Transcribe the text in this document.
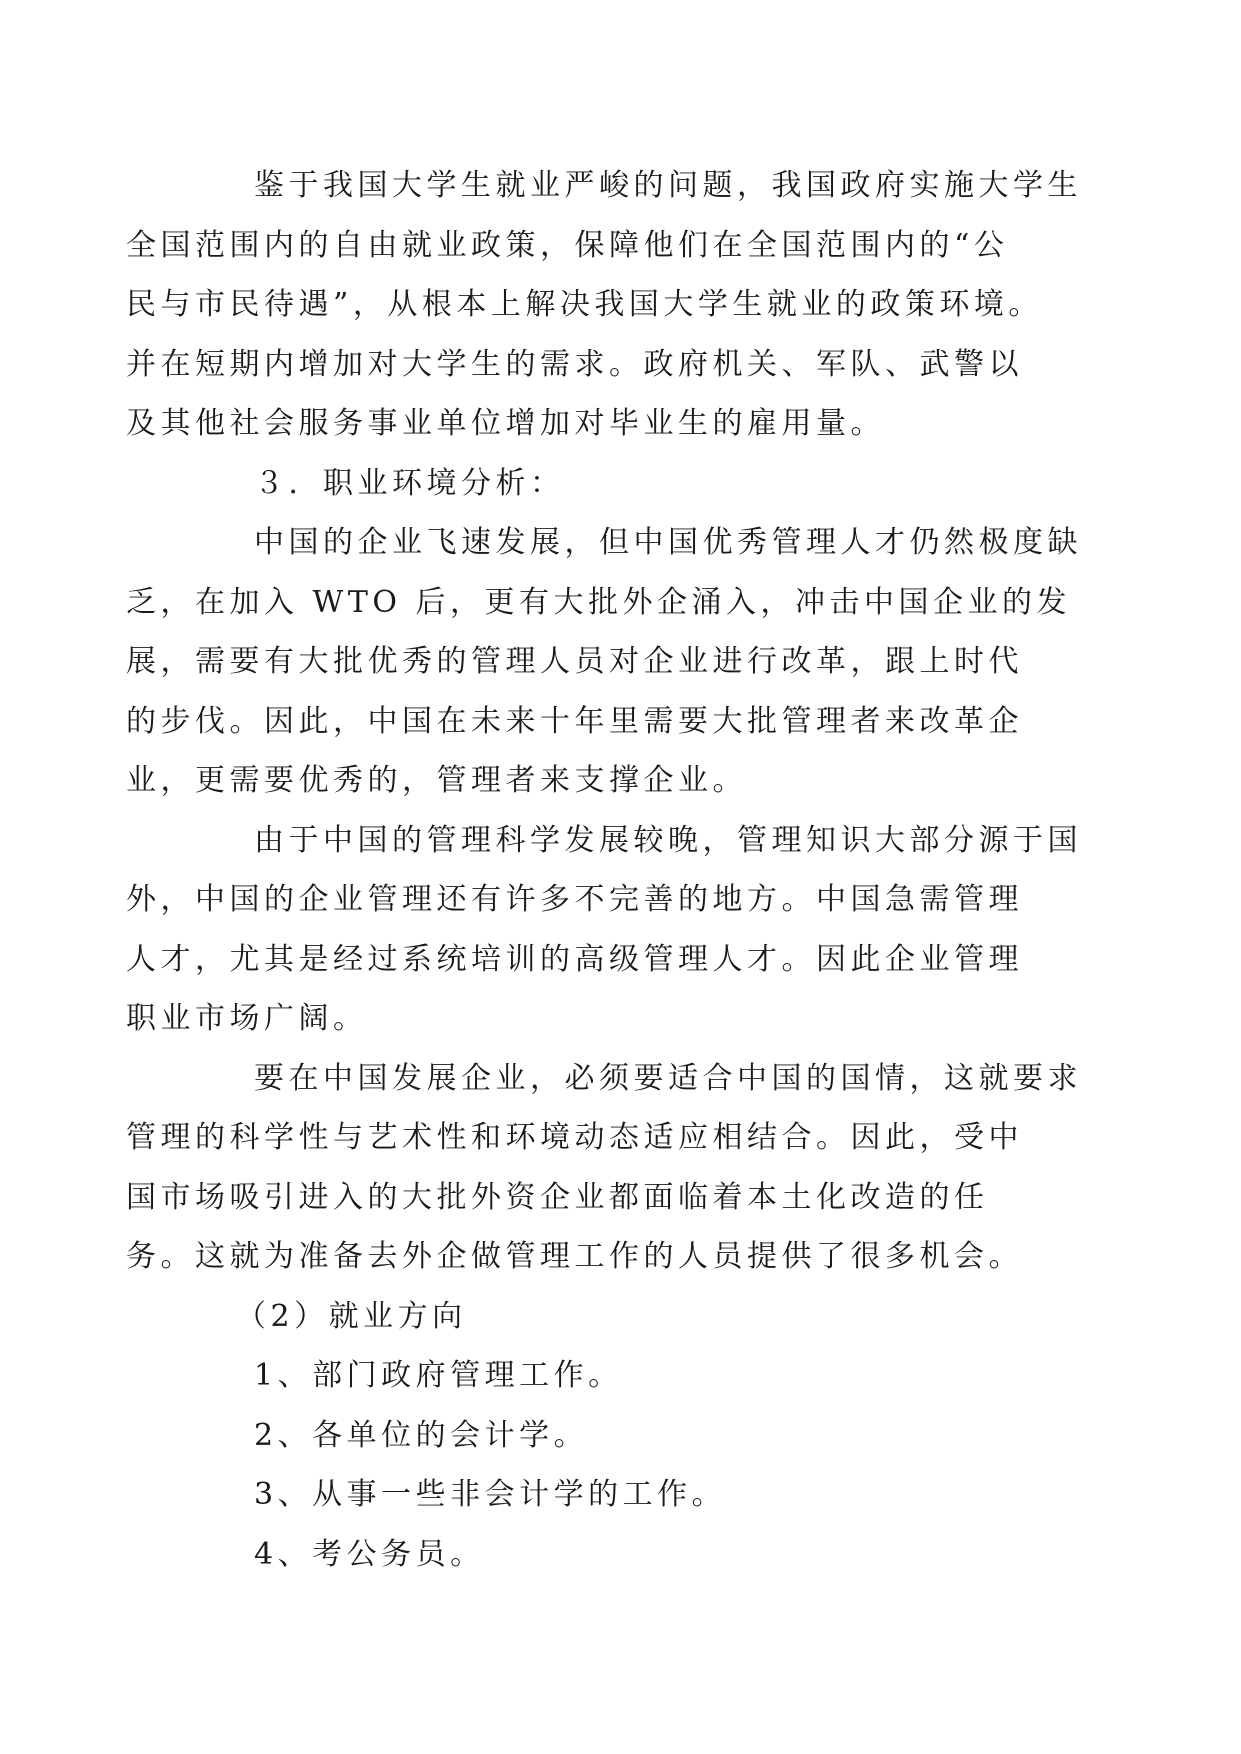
鉴于我国大学生就业严峻的问题，我国政府实施大学生
全国范围内的自由就业政策，保障他们在全国范围内的“公
民与市民待遇”，从根本上解决我国大学生就业的政策环境。
并在短期内增加对大学生的需求。政府机关、军队、武警以
及其他社会服务事业单位增加对毕业生的雇用量。
３．职业环境分析：
中国的企业飞速发展，但中国优秀管理人才仍然极度缺
乏，在加入 WTO 后，更有大批外企涌入，冲击中国企业的发
展，需要有大批优秀的管理人员对企业进行改革，跟上时代
的步伐。因此，中国在未来十年里需要大批管理者来改革企
业，更需要优秀的，管理者来支撑企业。
由于中国的管理科学发展较晚，管理知识大部分源于国
外，中国的企业管理还有许多不完善的地方。中国急需管理
人才，尤其是经过系统培训的高级管理人才。因此企业管理
职业市场广阔。
要在中国发展企业，必须要适合中国的国情，这就要求
管理的科学性与艺术性和环境动态适应相结合。因此，受中
国市场吸引进入的大批外资企业都面临着本土化改造的任
务。这就为准备去外企做管理工作的人员提供了很多机会。
（2）就业方向
1、部门政府管理工作。
2、各单位的会计学。
3、从事一些非会计学的工作。
4、考公务员。
